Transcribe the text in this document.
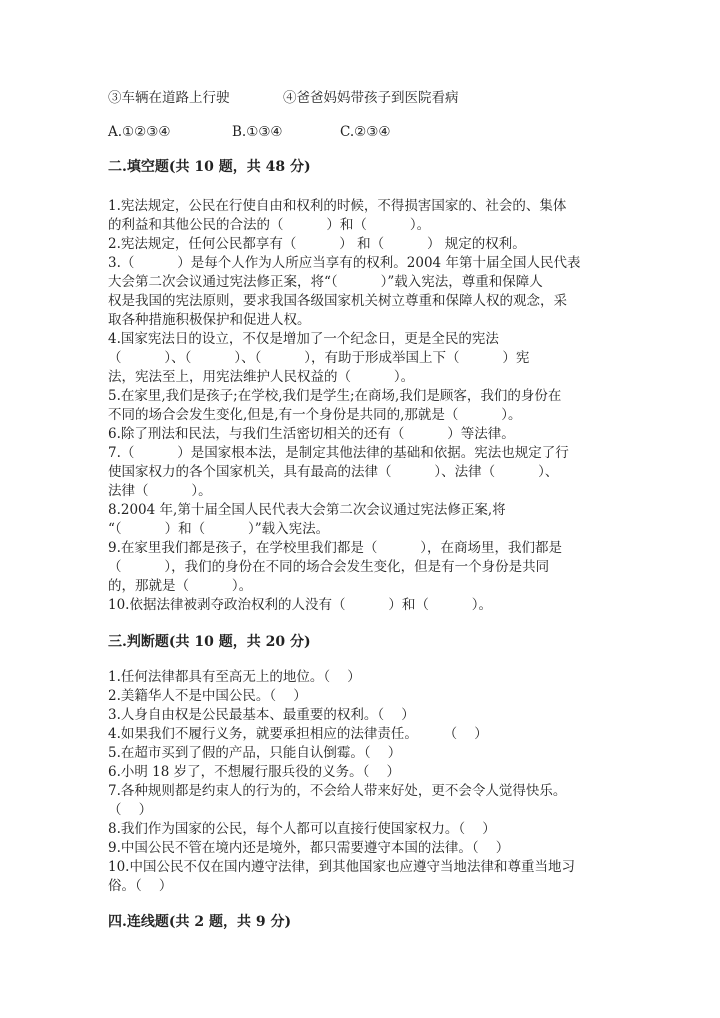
③车辆在道路上行驶	④爸爸妈妈带孩子到医院看病
A.①②③④	B.①③④	C.②③④
二.填空题(共 10 题，共 48 分)
1.宪法规定，公民在行使自由和权利的时候，不得损害国家的、社会的、集体
的利益和其他公民的合法的（          ）和（          ）。
2.宪法规定，任何公民都享有（          ） 和（          ） 规定的权利。
3.（          ）是每个人作为人所应当享有的权利。2004 年第十届全国人民代表
大会第二次会议通过宪法修正案，将“（          ）”载入宪法，尊重和保障人
权是我国的宪法原则，要求我国各级国家机关树立尊重和保障人权的观念，采
取各种措施积极保护和促进人权。
4.国家宪法日的设立，不仅是增加了一个纪念日，更是全民的宪法
（          ）、（          ）、（          ），有助于形成举国上下（          ）宪
法，宪法至上，用宪法维护人民权益的（          ）。
5.在家里,我们是孩子;在学校,我们是学生;在商场,我们是顾客，我们的身份在
不同的场合会发生变化,但是,有一个身份是共同的,那就是（          ）。
6.除了刑法和民法，与我们生活密切相关的还有（          ）等法律。
7.（          ）是国家根本法，是制定其他法律的基础和依据。宪法也规定了行
使国家权力的各个国家机关，具有最高的法律（          ）、法律（          ）、
法律（          ）。
8.2004 年,第十届全国人民代表大会第二次会议通过宪法修正案,将
“（          ）和（          ）”载入宪法。
9.在家里我们都是孩子，在学校里我们都是（          ），在商场里，我们都是
（          ），我们的身份在不同的场合会发生变化，但是有一个身份是共同
的，那就是（          ）。
10.依据法律被剥夺政治权利的人没有（          ）和（          ）。
三.判断题(共 10 题，共 20 分)
1.任何法律都具有至高无上的地位。（    ）
2.美籍华人不是中国公民。（    ）
3.人身自由权是公民最基本、最重要的权利。（    ）
4.如果我们不履行义务，就要承担相应的法律责任。      （    ）
5.在超市买到了假的产品，只能自认倒霉。（    ）
6.小明 18 岁了，不想履行服兵役的义务。（    ）
7.各种规则都是约束人的行为的，不会给人带来好处，更不会令人觉得快乐。
（    ）
8.我们作为国家的公民，每个人都可以直接行使国家权力。（    ）
9.中国公民不管在境内还是境外，都只需要遵守本国的法律。（    ）
10.中国公民不仅在国内遵守法律，到其他国家也应遵守当地法律和尊重当地习
俗。（    ）
四.连线题(共 2 题，共 9 分)
